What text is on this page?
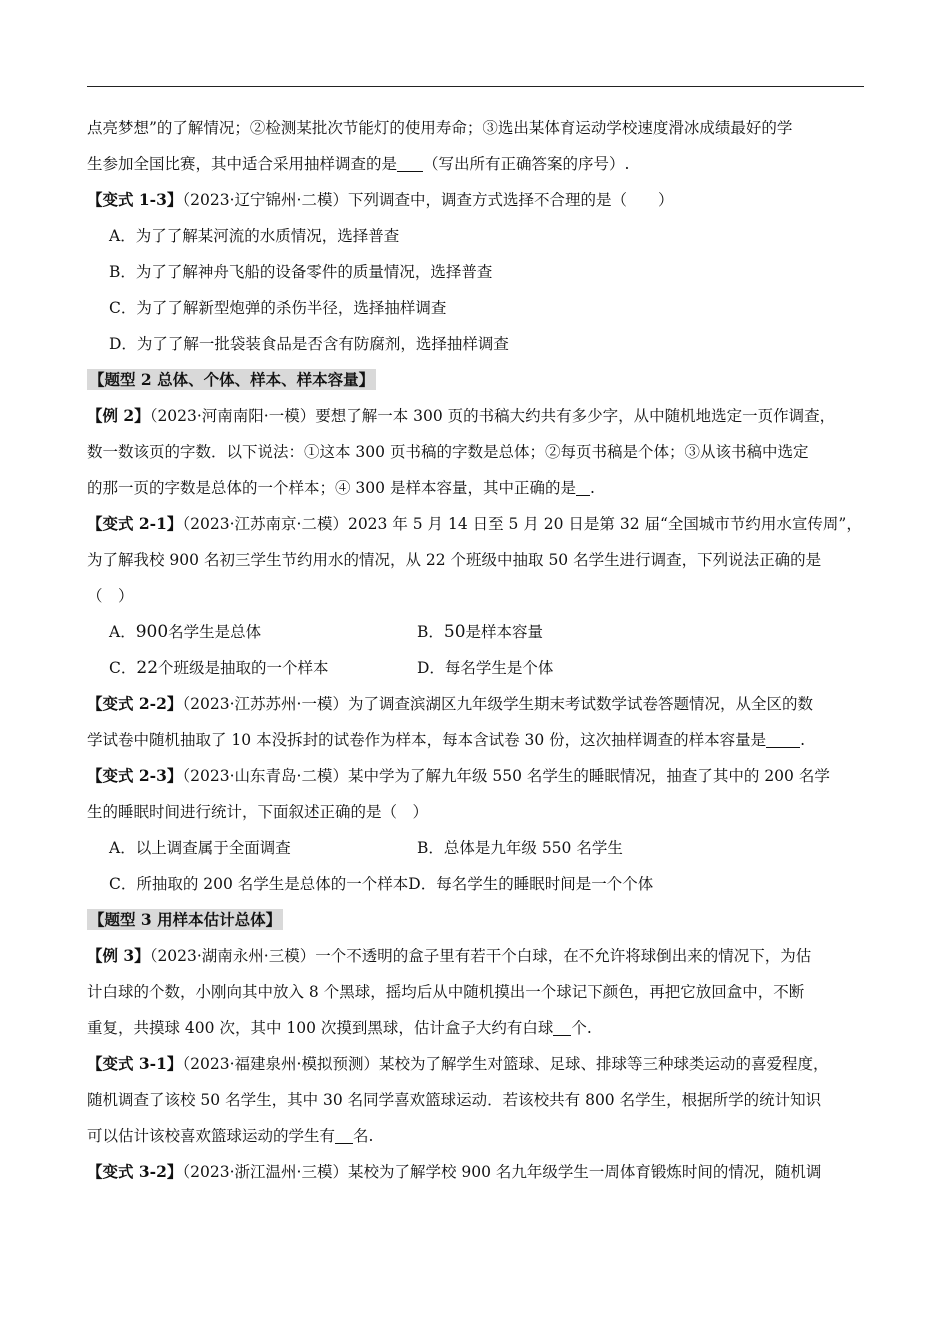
点亮梦想”的了解情况；②检测某批次节能灯的使用寿命；③选出某体育运动学校速度滑冰成绩最好的学
生参加全国比赛，其中适合采用抽样调查的是 （写出所有正确答案的序号）.
【变式 1-3】（2023·辽宁锦州·二模）下列调查中，调查方式选择不合理的是（　　）
A．为了了解某河流的水质情况，选择普查
B．为了了解神舟飞船的设备零件的质量情况，选择普查
C．为了了解新型炮弹的杀伤半径，选择抽样调查
D．为了了解一批袋装食品是否含有防腐剂，选择抽样调查
【题型 2 总体、个体、样本、样本容量】
【例 2】（2023·河南南阳·一模）要想了解一本 300 页的书稿大约共有多少字，从中随机地选定一页作调查，
数一数该页的字数．以下说法：①这本 300 页书稿的字数是总体；②每页书稿是个体；③从该书稿中选定
的那一页的字数是总体的一个样本；④ 300 是样本容量，其中正确的是 .
【变式 2-1】（2023·江苏南京·二模）2023 年 5 月 14 日至 5 月 20 日是第 32 届“全国城市节约用水宣传周”，
为了解我校 900 名初三学生节约用水的情况，从 22 个班级中抽取 50 名学生进行调查，下列说法正确的是
（　）
A．900名学生是总体	B．50是样本容量
C．22个班级是抽取的一个样本	D．每名学生是个体
【变式 2-2】（2023·江苏苏州·一模）为了调查滨湖区九年级学生期末考试数学试卷答题情况，从全区的数
学试卷中随机抽取了 10 本没拆封的试卷作为样本，每本含试卷 30 份，这次抽样调查的样本容量是 .
【变式 2-3】（2023·山东青岛·二模）某中学为了解九年级 550 名学生的睡眠情况，抽查了其中的 200 名学
生的睡眠时间进行统计，下面叙述正确的是（　）
A．以上调查属于全面调查	B．总体是九年级 550 名学生
C．所抽取的 200 名学生是总体的一个样本D．每名学生的睡眠时间是一个个体
【题型 3 用样本估计总体】
【例 3】（2023·湖南永州·三模）一个不透明的盒子里有若干个白球，在不允许将球倒出来的情况下，为估
计白球的个数，小刚向其中放入 8 个黑球，摇均后从中随机摸出一个球记下颜色，再把它放回盒中，不断
重复，共摸球 400 次，其中 100 次摸到黑球，估计盒子大约有白球 个.
【变式 3-1】（2023·福建泉州·模拟预测）某校为了解学生对篮球、足球、排球等三种球类运动的喜爱程度，
随机调查了该校 50 名学生，其中 30 名同学喜欢篮球运动．若该校共有 800 名学生，根据所学的统计知识
可以估计该校喜欢篮球运动的学生有 名.
【变式 3-2】（2023·浙江温州·三模）某校为了解学校 900 名九年级学生一周体育锻炼时间的情况，随机调
